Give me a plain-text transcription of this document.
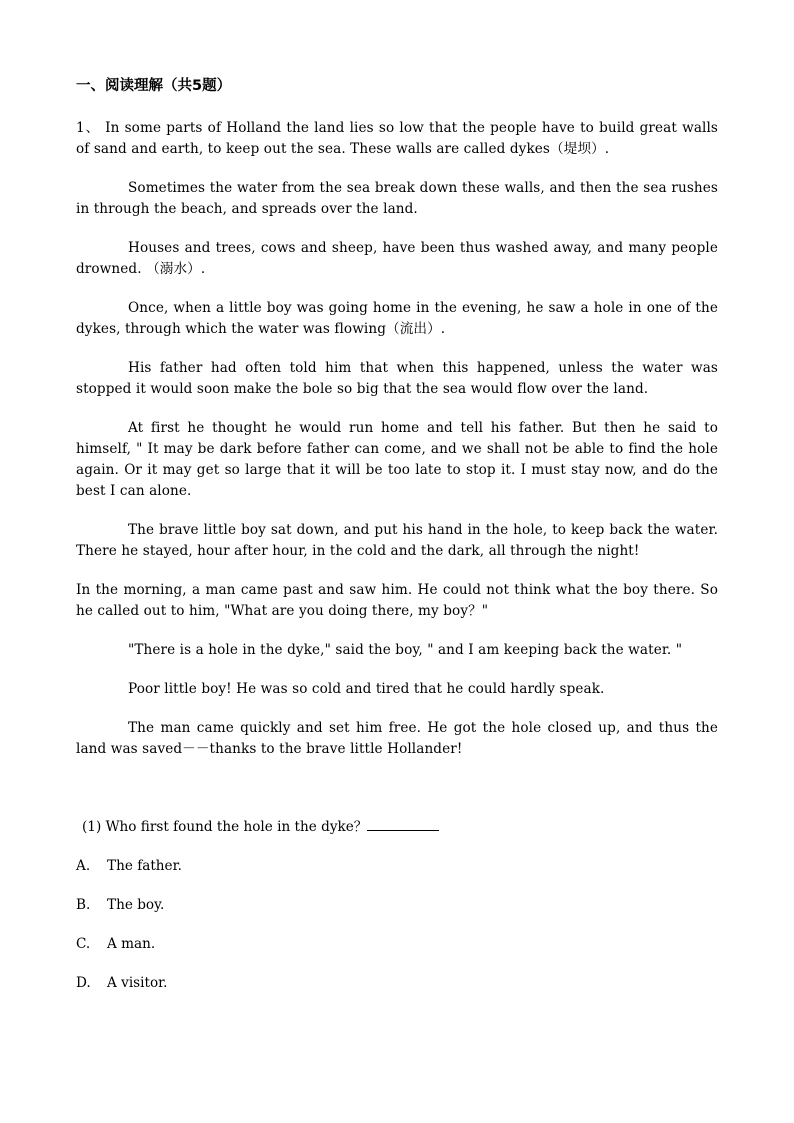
一、阅读理解（共5题）

1、 In some parts of Holland the land lies so low that the people have to build great walls of sand and earth, to keep out the sea. These walls are called dykes（堤坝）.

Sometimes the water from the sea break down these walls, and then the sea rushes in through the beach, and spreads over the land.

Houses and trees, cows and sheep, have been thus washed away, and many people drowned. （溺水）.

Once, when a little boy was going home in the evening, he saw a hole in one of the dykes, through which the water was flowing（流出）.

His father had often told him that when this happened, unless the water was stopped it would soon make the bole so big that the sea would flow over the land.

At first he thought he would run home and tell his father. But then he said to himself, " It may be dark before father can come, and we shall not be able to find the hole again. Or it may get so large that it will be too late to stop it. I must stay now, and do the best I can alone.

The brave little boy sat down, and put his hand in the hole, to keep back the water. There he stayed, hour after hour, in the cold and the dark, all through the night!

In the morning, a man came past and saw him. He could not think what the boy there. So he called out to him, "What are you doing there, my boy？"

"There is a hole in the dyke," said the boy, " and I am keeping back the water. "

Poor little boy! He was so cold and tired that he could hardly speak.

The man came quickly and set him free. He got the hole closed up, and thus the land was saved－－thanks to the brave little Hollander!

(1) Who first found the hole in the dyke？
A. The father.
B. The boy.
C. A man.
D. A visitor.
